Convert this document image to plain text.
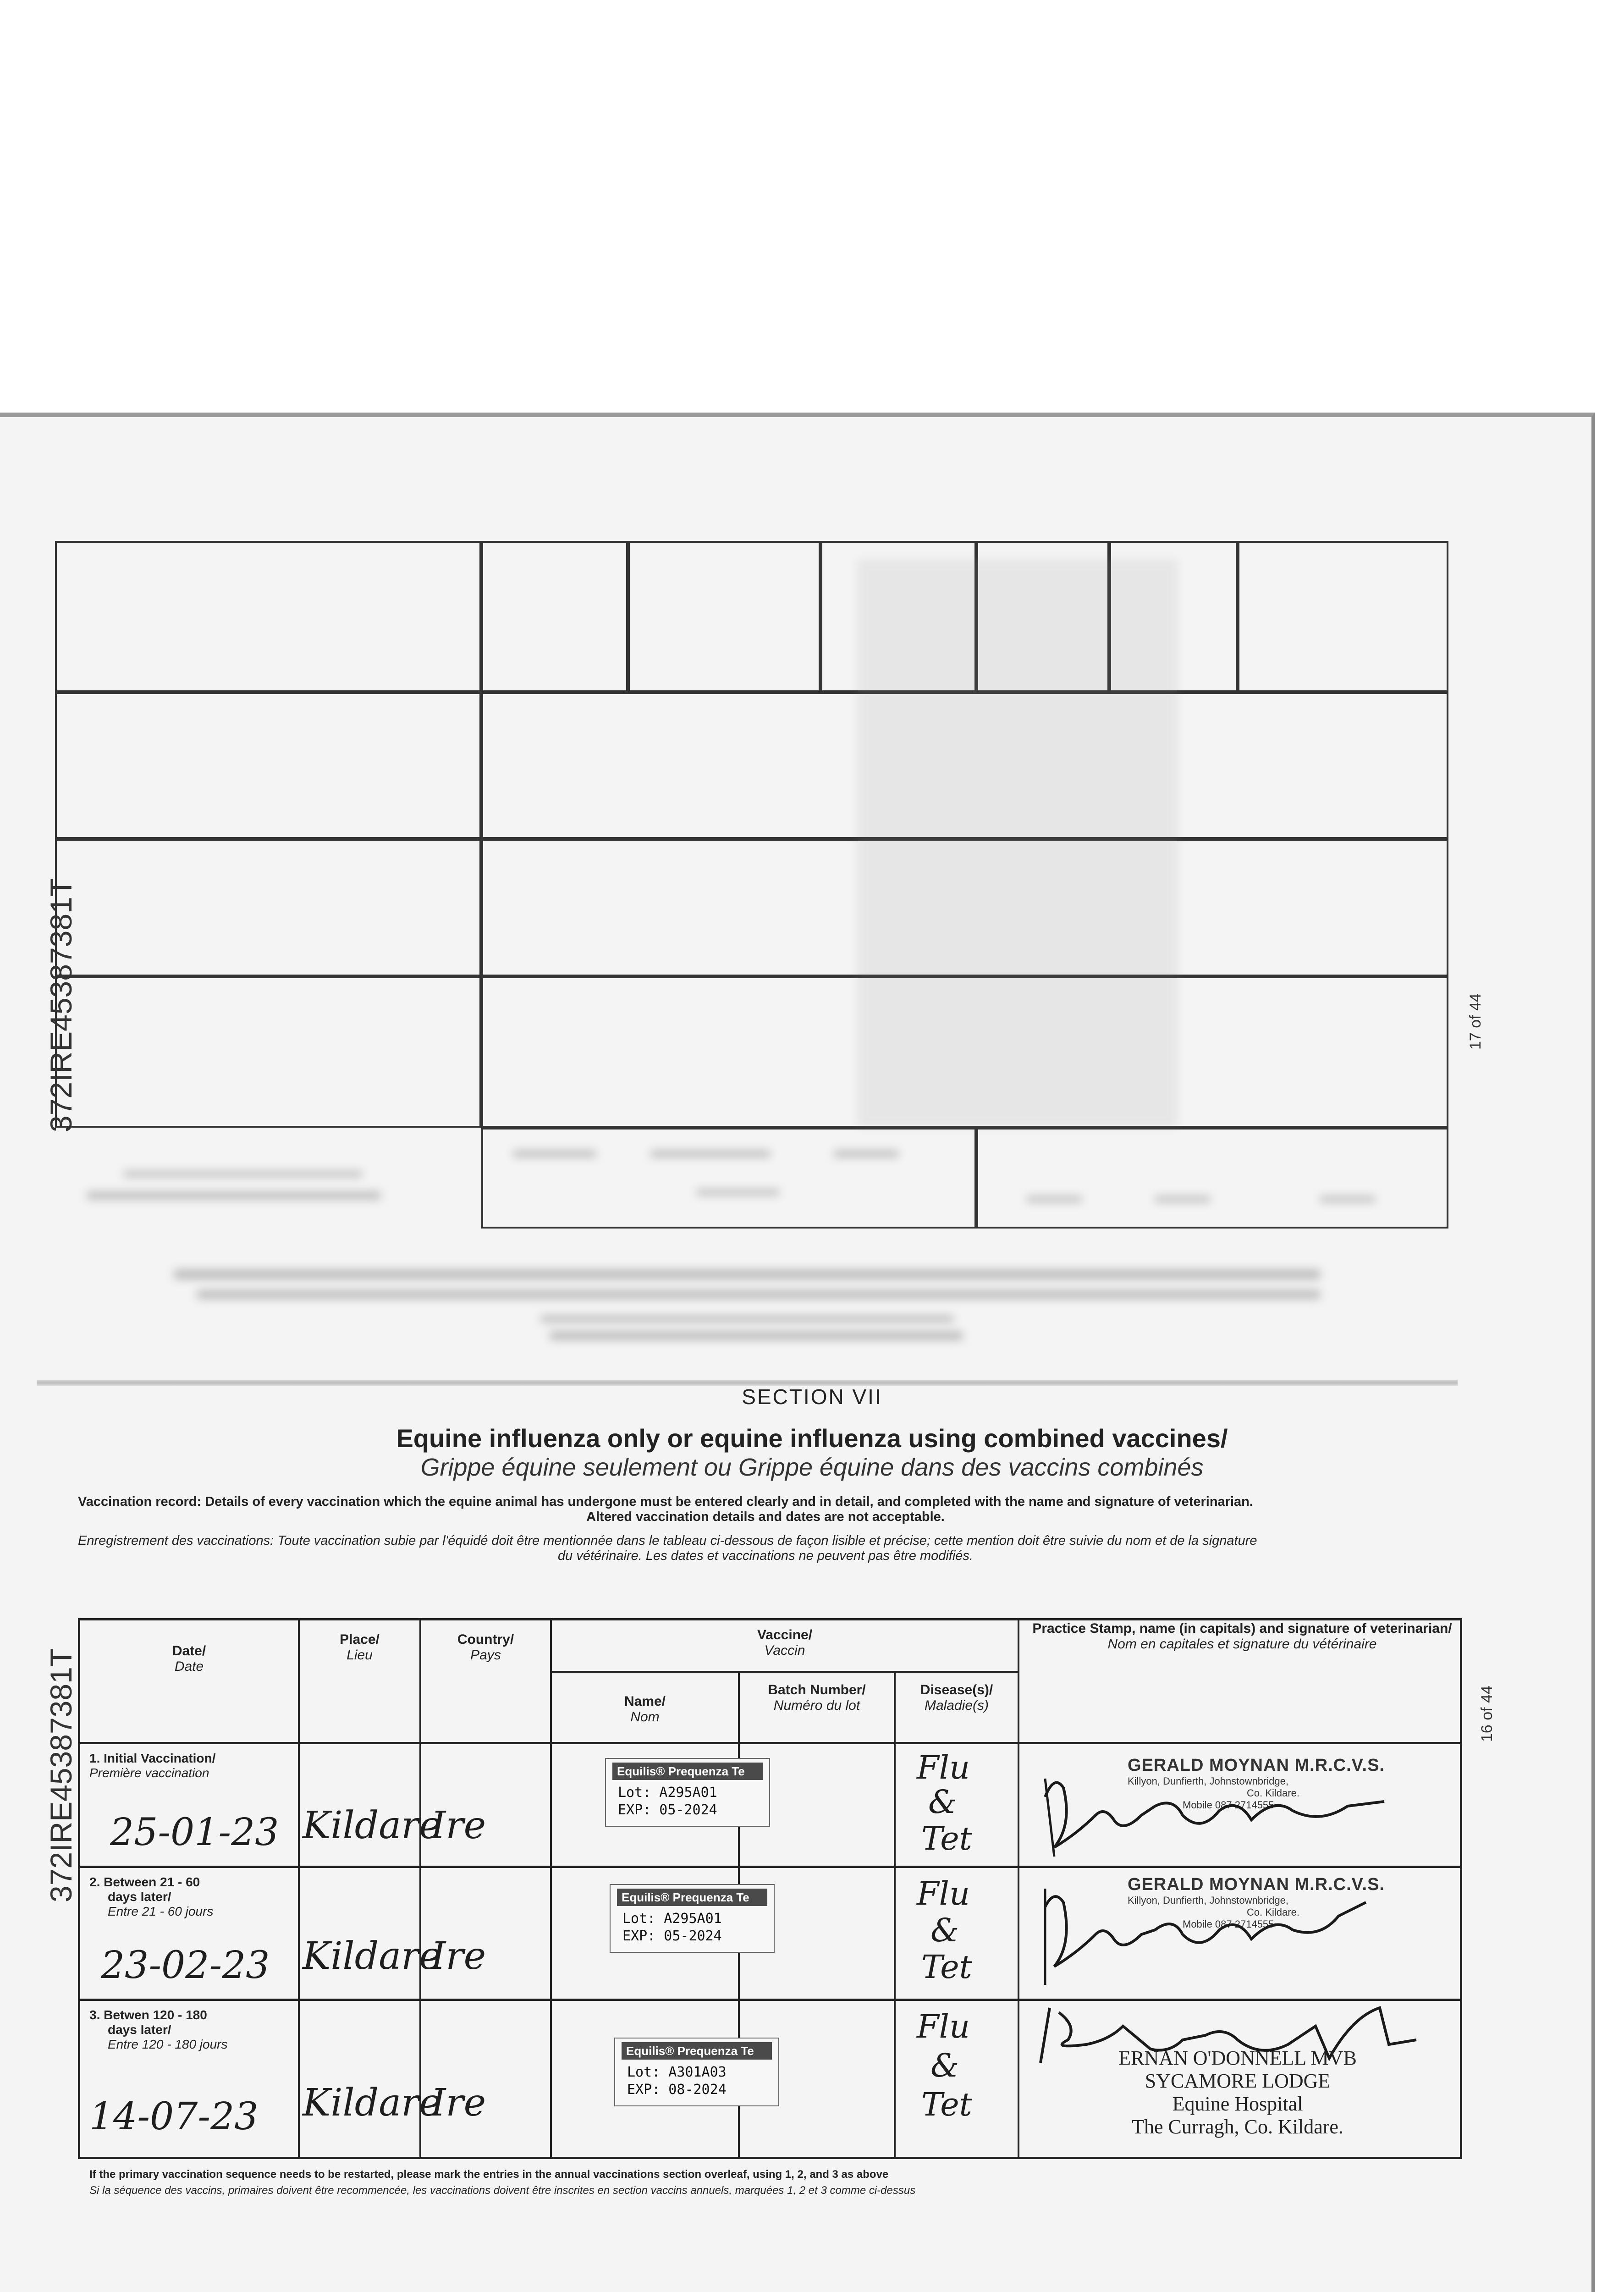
372IRE45387381T	17 of 44
372IRE45387381T	16 of 44
SECTION VII
Equine influenza only or equine influenza using combined vaccines/
Grippe équine seulement ou Grippe équine dans des vaccins combinés
Vaccination record: Details of every vaccination which the equine animal has undergone must be entered clearly and in detail, and completed with the name and signature of veterinarian.
Altered vaccination details and dates are not acceptable.
Enregistrement des vaccinations: Toute vaccination subie par l'équidé doit être mentionnée dans le tableau ci-dessous de façon lisible et précise; cette mention doit être suivie du nom et de la signature
du vétérinaire. Les dates et vaccinations ne peuvent pas être modifiés.
Date/
Date
Place/
Lieu
Country/
Pays
Vaccine/
Vaccin
Name/
Nom
Batch Number/
Numéro du lot
Disease(s)/
Maladie(s)
Practice Stamp, name (in capitals) and signature of veterinarian/
Nom en capitales et signature du vétérinaire
1. Initial Vaccination/
Première vaccination
25-01-23 Kildare
Ire
Equilis® Prequenza Te
Lot: A295A01
EXP: 05-2024
Flu
&
Tet
GERALD MOYNAN M.R.C.V.S.
Killyon, Dunfierth, Johnstownbridge,
Co. Kildare.
Mobile 087 2714555
2. Between 21 - 60
days later/
Entre 21 - 60 jours
23-02-23 Kildare
Ire
Equilis® Prequenza Te
Lot: A295A01
EXP: 05-2024
Flu
&
Tet
GERALD MOYNAN M.R.C.V.S.
Killyon, Dunfierth, Johnstownbridge,
Co. Kildare.
Mobile 087 2714555
3. Betwen 120 - 180
days later/
Entre 120 - 180 jours
14-07-23 Kildare
Ire
Equilis® Prequenza Te
Lot: A301A03
EXP: 08-2024
Flu
&
Tet
ERNAN O'DONNELL MVB
SYCAMORE LODGE
Equine Hospital
The Curragh, Co. Kildare.
If the primary vaccination sequence needs to be restarted, please mark the entries in the annual vaccinations section overleaf, using 1, 2, and 3 as above
Si la séquence des vaccins, primaires doivent être recommencée, les vaccinations doivent être inscrites en section vaccins annuels, marquées 1, 2 et 3 comme ci-dessus
